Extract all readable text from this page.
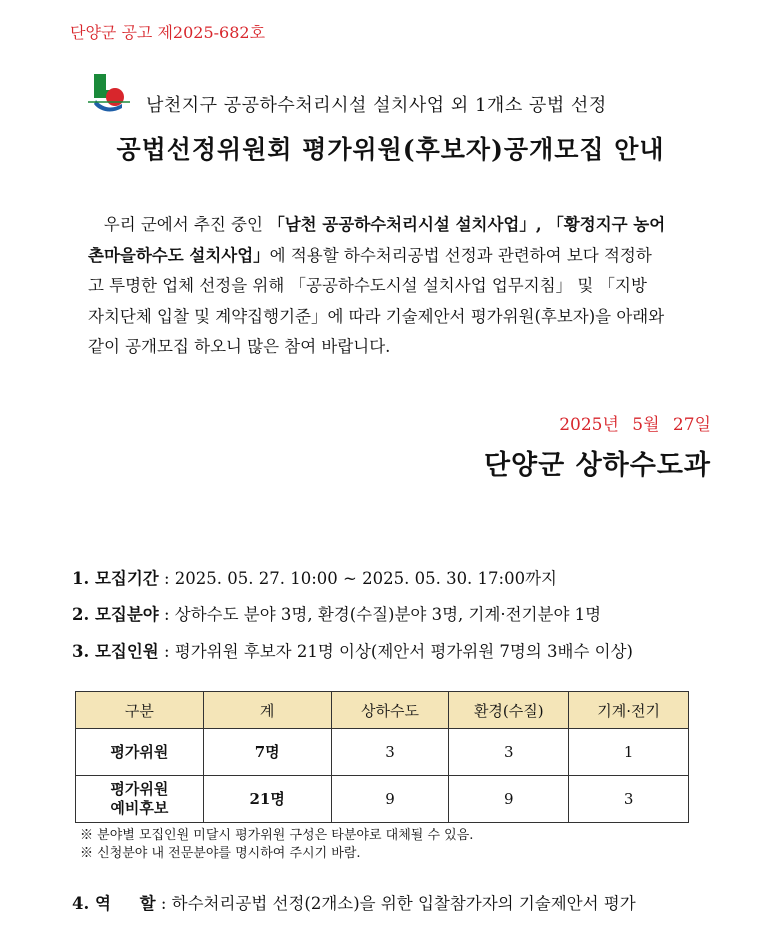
단양군 공고 제2025-682호
남천지구 공공하수처리시설 설치사업 외 1개소 공법 선정
공법선정위원회 평가위원(후보자)공개모집 안내
우리 군에서 추진 중인 「남천 공공하수처리시설 설치사업」, 「황정지구 농어
촌마을하수도 설치사업」에 적용할 하수처리공법 선정과 관련하여 보다 적정하
고 투명한 업체 선정을 위해 「공공하수도시설 설치사업 업무지침」 및 「지방
자치단체 입찰 및 계약집행기준」에 따라 기술제안서 평가위원(후보자)을 아래와
같이 공개모집 하오니 많은 참여 바랍니다.
2025년 5월 27일
단양군 상하수도과
1. 모집기간 : 2025. 05. 27. 10:00 ~ 2025. 05. 30. 17:00까지
2. 모집분야 : 상하수도 분야 3명, 환경(수질)분야 3명, 기계·전기분야 1명
3. 모집인원 : 평가위원 후보자 21명 이상(제안서 평가위원 7명의 3배수 이상)
구분	계	상하수도	환경(수질)	기계·전기
평가위원	7명	3	3	1
평가위원
예비후보	21명	9	9	3
※ 분야별 모집인원 미달시 평가위원 구성은 타분야로 대체될 수 있음.
※ 신청분야 내 전문분야를 명시하여 주시기 바람.
4. 역     할 : 하수처리공법 선정(2개소)을 위한 입찰참가자의 기술제안서 평가
